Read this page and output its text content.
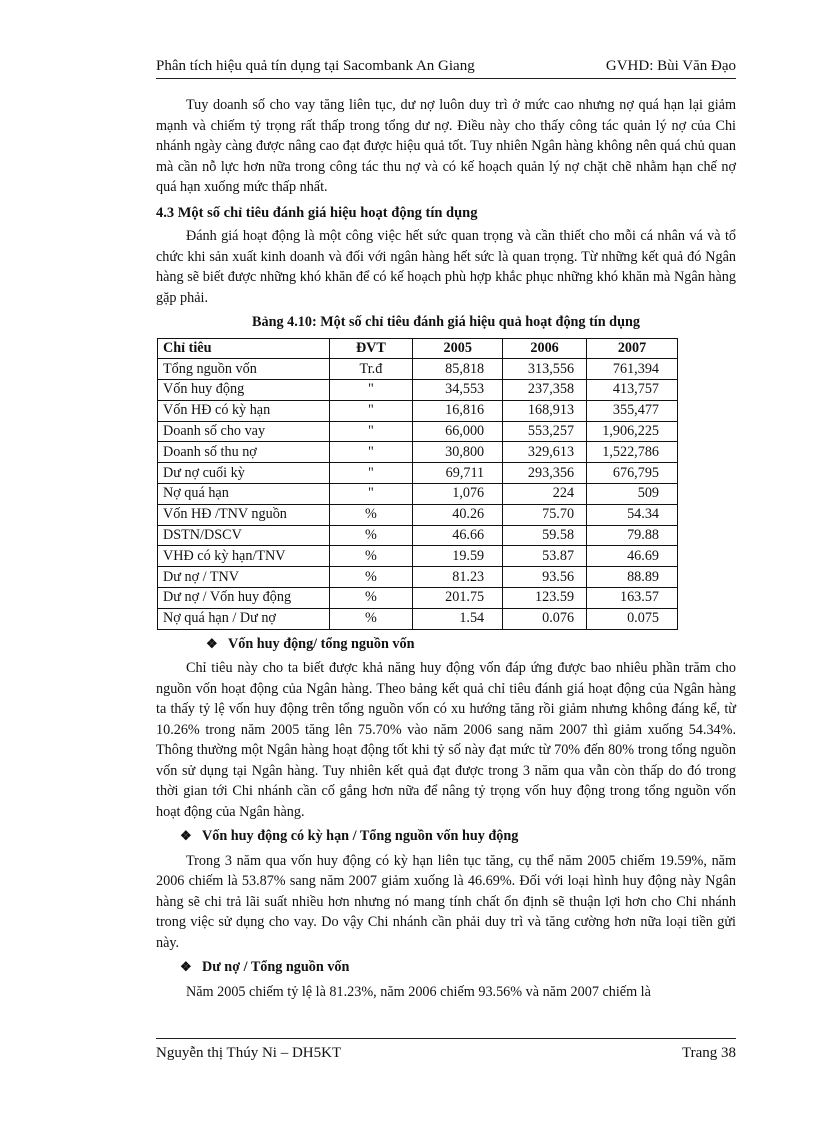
Phân tích hiệu quả tín dụng tại Sacombank An Giang	GVHD: Bùi Văn Đạo

Tuy doanh số cho vay tăng liên tục, dư nợ luôn duy trì ở mức cao nhưng nợ quá hạn lại giảm mạnh và chiếm tỷ trọng rất thấp trong tổng dư nợ. Điều này cho thấy công tác quản lý nợ của Chi nhánh ngày càng được nâng cao đạt được hiệu quả tốt. Tuy nhiên Ngân hàng không nên quá chủ quan mà cần nỗ lực hơn nữa trong công tác thu nợ và có kế hoạch quản lý nợ chặt chẽ nhằm hạn chế nợ quá hạn xuống mức thấp nhất.

4.3 Một số chỉ tiêu đánh giá hiệu hoạt động tín dụng

Đánh giá hoạt động là một công việc hết sức quan trọng và cần thiết cho mỗi cá nhân vá và tổ chức khi sản xuất kinh doanh và đối với ngân hàng hết sức là quan trọng. Từ những kết quả đó Ngân hàng sẽ biết được những khó khăn để có kế hoạch phù hợp khắc phục những khó khăn mà Ngân hàng gặp phải.

Bảng 4.10: Một số chỉ tiêu đánh giá hiệu quả hoạt động tín dụng
Chỉ tiêu	ĐVT	2005	2006	2007
Tổng nguồn vốn	Tr.đ	85,818	313,556	761,394
Vốn huy động	"	34,553	237,358	413,757
Vốn HĐ có kỳ hạn	"	16,816	168,913	355,477
Doanh số cho vay	"	66,000	553,257	1,906,225
Doanh số thu nợ	"	30,800	329,613	1,522,786
Dư nợ cuối kỳ	"	69,711	293,356	676,795
Nợ quá hạn	"	1,076	224	509
Vốn HĐ /TNV nguồn	%	40.26	75.70	54.34
DSTN/DSCV	%	46.66	59.58	79.88
VHĐ có kỳ hạn/TNV	%	19.59	53.87	46.69
Dư nợ / TNV	%	81.23	93.56	88.89
Dư nợ / Vốn huy động	%	201.75	123.59	163.57
Nợ quá hạn / Dư nợ	%	1.54	0.076	0.075
❖ Vốn huy động/ tổng nguồn vốn

Chỉ tiêu này cho ta biết được khả năng huy động vốn đáp ứng được bao nhiêu phần trăm cho nguồn vốn hoạt động của Ngân hàng. Theo bảng kết quả chỉ tiêu đánh giá hoạt động của Ngân hàng ta thấy tỷ lệ vốn huy động trên tổng nguồn vốn có xu hướng tăng rồi giảm nhưng không đáng kể, từ 10.26% trong năm 2005 tăng lên 75.70% vào năm 2006 sang năm 2007 thì giảm xuống 54.34%. Thông thường một Ngân hàng hoạt động tốt khi tỷ số này đạt mức từ 70% đến 80% trong tổng nguồn vốn sử dụng tại Ngân hàng. Tuy nhiên kết quả đạt được trong 3 năm qua vẫn còn thấp do đó trong thời gian tới Chi nhánh cần cố gắng hơn nữa để nâng tỷ trọng vốn huy động trong tổng nguồn vốn hoạt động của Ngân hàng.

❖ Vốn huy động có kỳ hạn / Tổng nguồn vốn huy động

Trong 3 năm qua vốn huy động có kỳ hạn liên tục tăng, cụ thể năm 2005 chiếm 19.59%, năm 2006 chiếm là 53.87% sang năm 2007 giảm xuống là 46.69%. Đối với loại hình huy động này Ngân hàng sẽ chi trả lãi suất nhiều hơn nhưng nó mang tính chất ổn định sẽ thuận lợi hơn cho Chi nhánh trong việc sử dụng cho vay. Do vậy Chi nhánh cần phải duy trì và tăng cường hơn nữa loại tiền gửi này.

❖ Dư nợ / Tổng nguồn vốn

Năm 2005 chiếm tỷ lệ là 81.23%, năm 2006 chiếm 93.56% và năm 2007 chiếm là

Nguyễn thị Thúy Ni – DH5KT	Trang 38
